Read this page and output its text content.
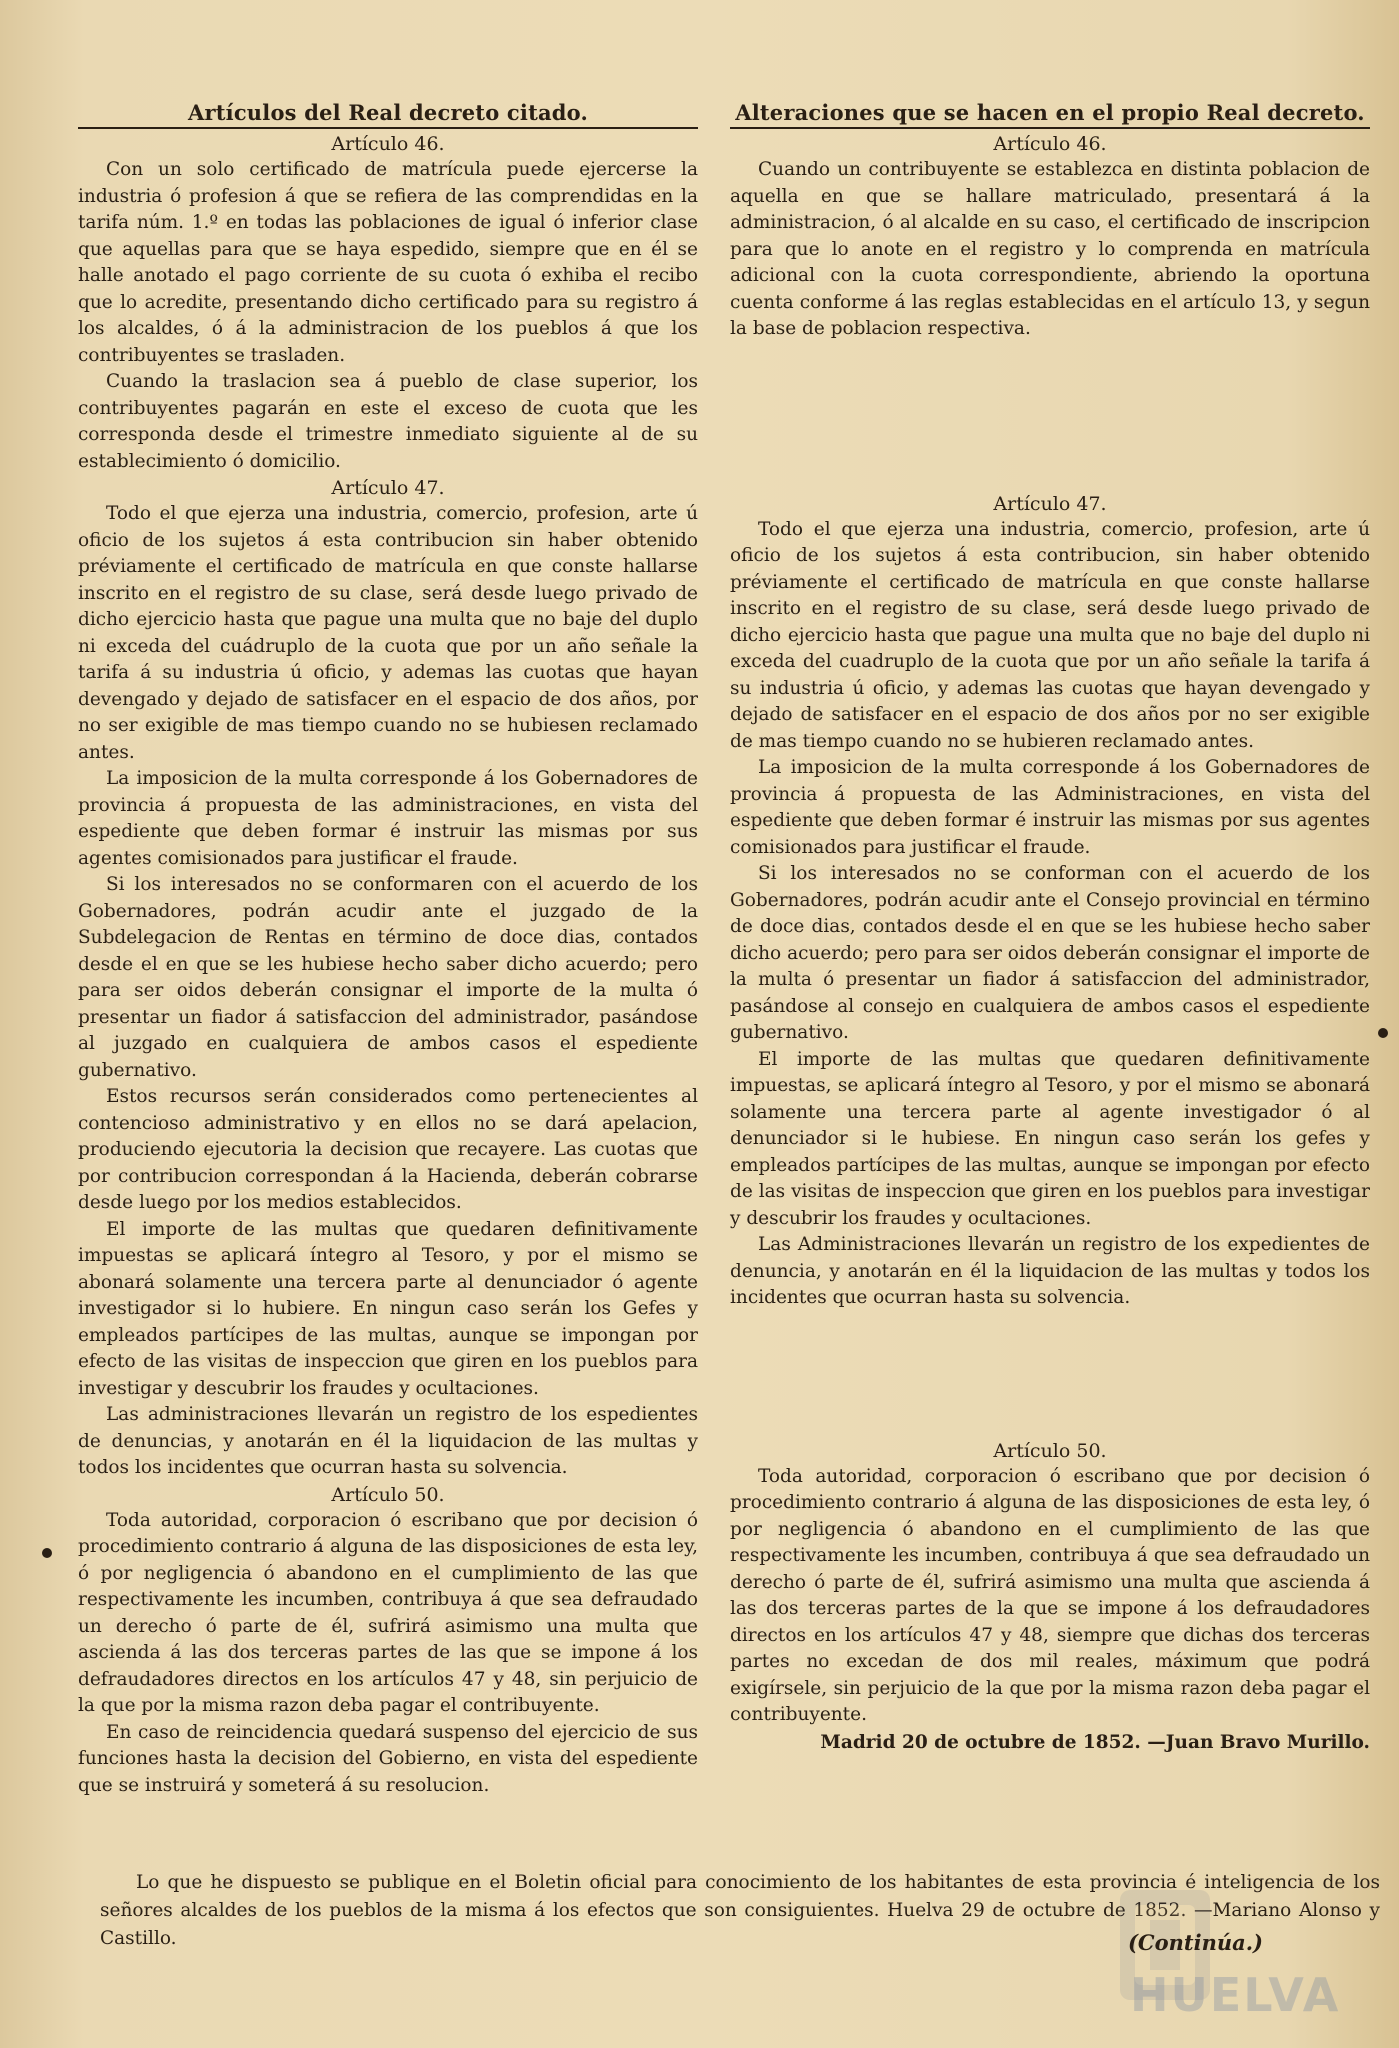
Artículos del Real decreto citado.
Artículo 46.

Con un solo certificado de matrícula puede ejercerse la industria ó profesion á que se refiera de las comprendidas en la tarifa núm. 1.º en todas las poblaciones de igual ó inferior clase que aquellas para que se haya espedido, siempre que en él se halle anotado el pago corriente de su cuota ó exhiba el recibo que lo acredite, presentando dicho certificado para su registro á los alcaldes, ó á la administracion de los pueblos á que los contribuyentes se trasladen.

Cuando la traslacion sea á pueblo de clase superior, los contribuyentes pagarán en este el exceso de cuota que les corresponda desde el trimestre inmediato siguiente al de su establecimiento ó domicilio.

Artículo 47.

Todo el que ejerza una industria, comercio, profesion, arte ú oficio de los sujetos á esta contribucion sin haber obtenido préviamente el certificado de matrícula en que conste hallarse inscrito en el registro de su clase, será desde luego privado de dicho ejercicio hasta que pague una multa que no baje del duplo ni exceda del cuádruplo de la cuota que por un año señale la tarifa á su industria ú oficio, y ademas las cuotas que hayan devengado y dejado de satisfacer en el espacio de dos años, por no ser exigible de mas tiempo cuando no se hubiesen reclamado antes.

La imposicion de la multa corresponde á los Gobernadores de provincia á propuesta de las administraciones, en vista del espediente que deben formar é instruir las mismas por sus agentes comisionados para justificar el fraude.

Si los interesados no se conformaren con el acuerdo de los Gobernadores, podrán acudir ante el juzgado de la Subdelegacion de Rentas en término de doce dias, contados desde el en que se les hubiese hecho saber dicho acuerdo; pero para ser oidos deberán consignar el importe de la multa ó presentar un fiador á satisfaccion del administrador, pasándose al juzgado en cualquiera de ambos casos el espediente gubernativo.

Estos recursos serán considerados como pertenecientes al contencioso administrativo y en ellos no se dará apelacion, produciendo ejecutoria la decision que recayere. Las cuotas que por contribucion correspondan á la Hacienda, deberán cobrarse desde luego por los medios establecidos.

El importe de las multas que quedaren definitivamente impuestas se aplicará íntegro al Tesoro, y por el mismo se abonará solamente una tercera parte al denunciador ó agente investigador si lo hubiere. En ningun caso serán los Gefes y empleados partícipes de las multas, aunque se impongan por efecto de las visitas de inspeccion que giren en los pueblos para investigar y descubrir los fraudes y ocultaciones.

Las administraciones llevarán un registro de los espedientes de denuncias, y anotarán en él la liquidacion de las multas y todos los incidentes que ocurran hasta su solvencia.

Artículo 50.

Toda autoridad, corporacion ó escribano que por decision ó procedimiento contrario á alguna de las disposiciones de esta ley, ó por negligencia ó abandono en el cumplimiento de las que respectivamente les incumben, contribuya á que sea defraudado un derecho ó parte de él, sufrirá asimismo una multa que ascienda á las dos terceras partes de las que se impone á los defraudadores directos en los artículos 47 y 48, sin perjuicio de la que por la misma razon deba pagar el contribuyente.

En caso de reincidencia quedará suspenso del ejercicio de sus funciones hasta la decision del Gobierno, en vista del espediente que se instruirá y someterá á su resolucion.

Alteraciones que se hacen en el propio Real decreto.
Artículo 46.

Cuando un contribuyente se establezca en distinta poblacion de aquella en que se hallare matriculado, presentará á la administracion, ó al alcalde en su caso, el certificado de inscripcion para que lo anote en el registro y lo comprenda en matrícula adicional con la cuota correspondiente, abriendo la oportuna cuenta conforme á las reglas establecidas en el artículo 13, y segun la base de poblacion respectiva.

Artículo 47.

Todo el que ejerza una industria, comercio, profesion, arte ú oficio de los sujetos á esta contribucion, sin haber obtenido préviamente el certificado de matrícula en que conste hallarse inscrito en el registro de su clase, será desde luego privado de dicho ejercicio hasta que pague una multa que no baje del duplo ni exceda del cuadruplo de la cuota que por un año señale la tarifa á su industria ú oficio, y ademas las cuotas que hayan devengado y dejado de satisfacer en el espacio de dos años por no ser exigible de mas tiempo cuando no se hubieren reclamado antes.

La imposicion de la multa corresponde á los Gobernadores de provincia á propuesta de las Administraciones, en vista del espediente que deben formar é instruir las mismas por sus agentes comisionados para justificar el fraude.

Si los interesados no se conforman con el acuerdo de los Gobernadores, podrán acudir ante el Consejo provincial en término de doce dias, contados desde el en que se les hubiese hecho saber dicho acuerdo; pero para ser oidos deberán consignar el importe de la multa ó presentar un fiador á satisfaccion del administrador, pasándose al consejo en cualquiera de ambos casos el espediente gubernativo.

El importe de las multas que quedaren definitivamente impuestas, se aplicará íntegro al Tesoro, y por el mismo se abonará solamente una tercera parte al agente investigador ó al denunciador si le hubiese. En ningun caso serán los gefes y empleados partícipes de las multas, aunque se impongan por efecto de las visitas de inspeccion que giren en los pueblos para investigar y descubrir los fraudes y ocultaciones.

Las Administraciones llevarán un registro de los expedientes de denuncia, y anotarán en él la liquidacion de las multas y todos los incidentes que ocurran hasta su solvencia.

Artículo 50.

Toda autoridad, corporacion ó escribano que por decision ó procedimiento contrario á alguna de las disposiciones de esta ley, ó por negligencia ó abandono en el cumplimiento de las que respectivamente les incumben, contribuya á que sea defraudado un derecho ó parte de él, sufrirá asimismo una multa que ascienda á las dos terceras partes de la que se impone á los defraudadores directos en los artículos 47 y 48, siempre que dichas dos terceras partes no excedan de dos mil reales, máximum que podrá exigírsele, sin perjuicio de la que por la misma razon deba pagar el contribuyente.

Madrid 20 de octubre de 1852. —Juan Bravo Murillo.

Lo que he dispuesto se publique en el Boletin oficial para conocimiento de los habitantes de esta provincia é inteligencia de los señores alcaldes de los pueblos de la misma á los efectos que son consiguientes. Huelva 29 de octubre de 1852. —Mariano Alonso y Castillo.

HUELVA
(Continúa.)
